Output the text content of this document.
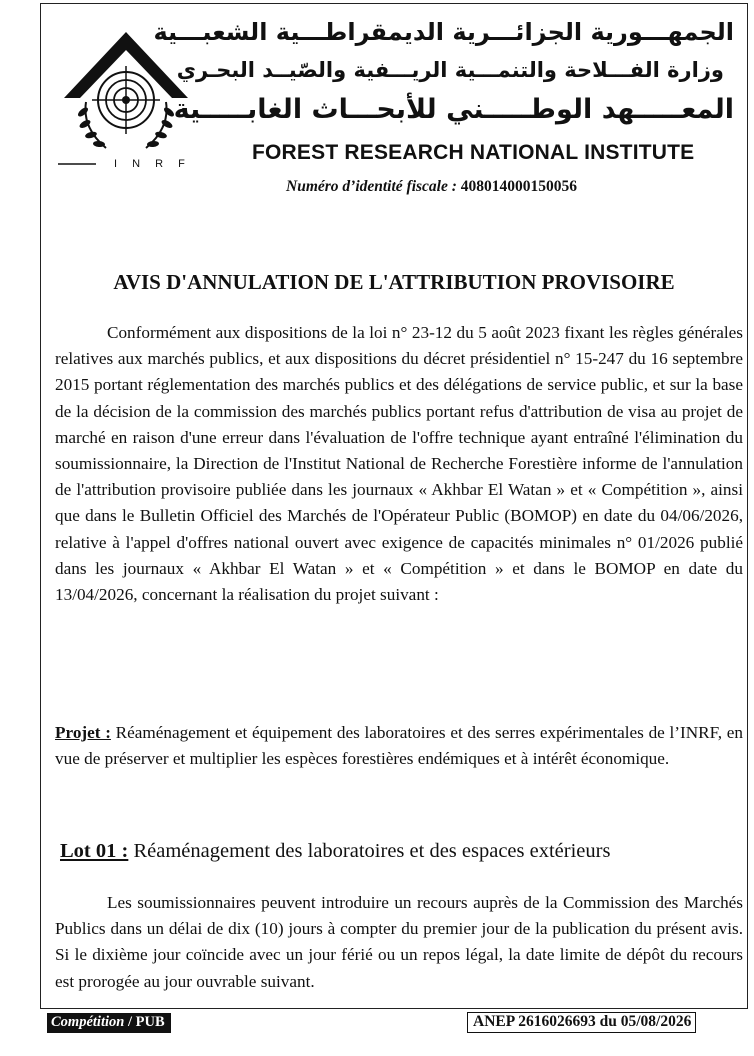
I N R F
الجمهـــورية الجزائـــرية الديمقراطـــية الشعبـــية
وزارة الفـــلاحة والتنمـــية الريـــفية والصّيــد البحـري
المعـــــهد الوطـــــني للأبحـــاث الغابـــــية
FOREST RESEARCH NATIONAL INSTITUTE
Numéro d’identité fiscale : 408014000150056
AVIS D'ANNULATION DE L'ATTRIBUTION PROVISOIRE
Conformément aux dispositions de la loi n° 23-12 du 5 août 2023 fixant les règles générales relatives aux marchés publics, et aux dispositions du décret présidentiel n° 15-247 du 16 septembre 2015 portant réglementation des marchés publics et des délégations de service public, et sur la base de la décision de la commission des marchés publics portant refus d'attribution de visa au projet de marché en raison d'une erreur dans l'évaluation de l'offre technique ayant entraîné l'élimination du soumissionnaire, la Direction de l'Institut National de Recherche Forestière informe de l'annulation de l'attribution provisoire publiée dans les journaux « Akhbar El Watan » et « Compétition », ainsi que dans le Bulletin Officiel des Marchés de l'Opérateur Public (BOMOP) en date du 04/06/2026, relative à l'appel d'offres national ouvert avec exigence de capacités minimales n° 01/2026 publié dans les journaux « Akhbar El Watan » et « Compétition » et dans le BOMOP en date du 13/04/2026, concernant la réalisation du projet suivant :
Projet : Réaménagement et équipement des laboratoires et des serres expérimentales de l’INRF, en vue de préserver et multiplier les espèces forestières endémiques et à intérêt économique.
Lot 01 : Réaménagement des laboratoires et des espaces extérieurs
Les soumissionnaires peuvent introduire un recours auprès de la Commission des Marchés Publics dans un délai de dix (10) jours à compter du premier jour de la publication du présent avis. Si le dixième jour coïncide avec un jour férié ou un repos légal, la date limite de dépôt du recours est prorogée au jour ouvrable suivant.
Compétition / PUB	ANEP 2616026693 du 05/08/2026
